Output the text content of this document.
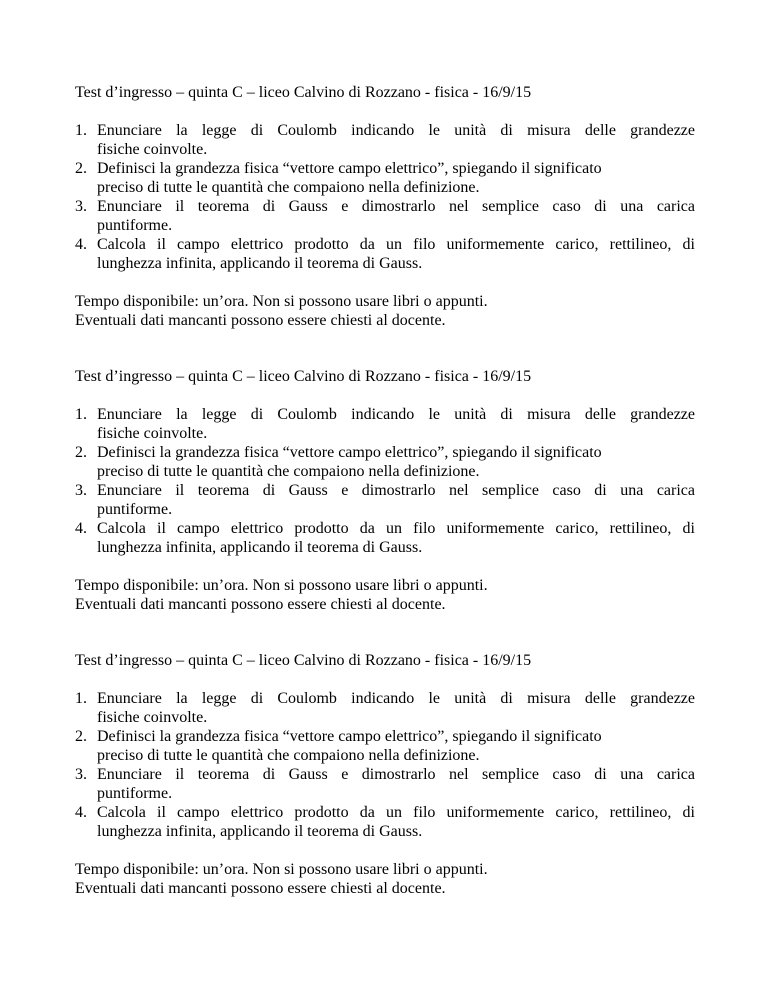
Test d’ingresso – quinta C – liceo Calvino di Rozzano - fisica - 16/9/15

1. Enunciare la legge di Coulomb indicando le unità di misura delle grandezze
fisiche coinvolte.
2. Definisci la grandezza fisica “vettore campo elettrico”, spiegando il significato
preciso di tutte le quantità che compaiono nella definizione.
3. Enunciare il teorema di Gauss e dimostrarlo nel semplice caso di una carica
puntiforme.
4. Calcola il campo elettrico prodotto da un filo uniformemente carico, rettilineo, di
lunghezza infinita, applicando il teorema di Gauss.

Tempo disponibile: un’ora. Non si possono usare libri o appunti.

Eventuali dati mancanti possono essere chiesti al docente.

Test d’ingresso – quinta C – liceo Calvino di Rozzano - fisica - 16/9/15

1. Enunciare la legge di Coulomb indicando le unità di misura delle grandezze
fisiche coinvolte.
2. Definisci la grandezza fisica “vettore campo elettrico”, spiegando il significato
preciso di tutte le quantità che compaiono nella definizione.
3. Enunciare il teorema di Gauss e dimostrarlo nel semplice caso di una carica
puntiforme.
4. Calcola il campo elettrico prodotto da un filo uniformemente carico, rettilineo, di
lunghezza infinita, applicando il teorema di Gauss.

Tempo disponibile: un’ora. Non si possono usare libri o appunti.

Eventuali dati mancanti possono essere chiesti al docente.

Test d’ingresso – quinta C – liceo Calvino di Rozzano - fisica - 16/9/15

1. Enunciare la legge di Coulomb indicando le unità di misura delle grandezze
fisiche coinvolte.
2. Definisci la grandezza fisica “vettore campo elettrico”, spiegando il significato
preciso di tutte le quantità che compaiono nella definizione.
3. Enunciare il teorema di Gauss e dimostrarlo nel semplice caso di una carica
puntiforme.
4. Calcola il campo elettrico prodotto da un filo uniformemente carico, rettilineo, di
lunghezza infinita, applicando il teorema di Gauss.

Tempo disponibile: un’ora. Non si possono usare libri o appunti.

Eventuali dati mancanti possono essere chiesti al docente.
